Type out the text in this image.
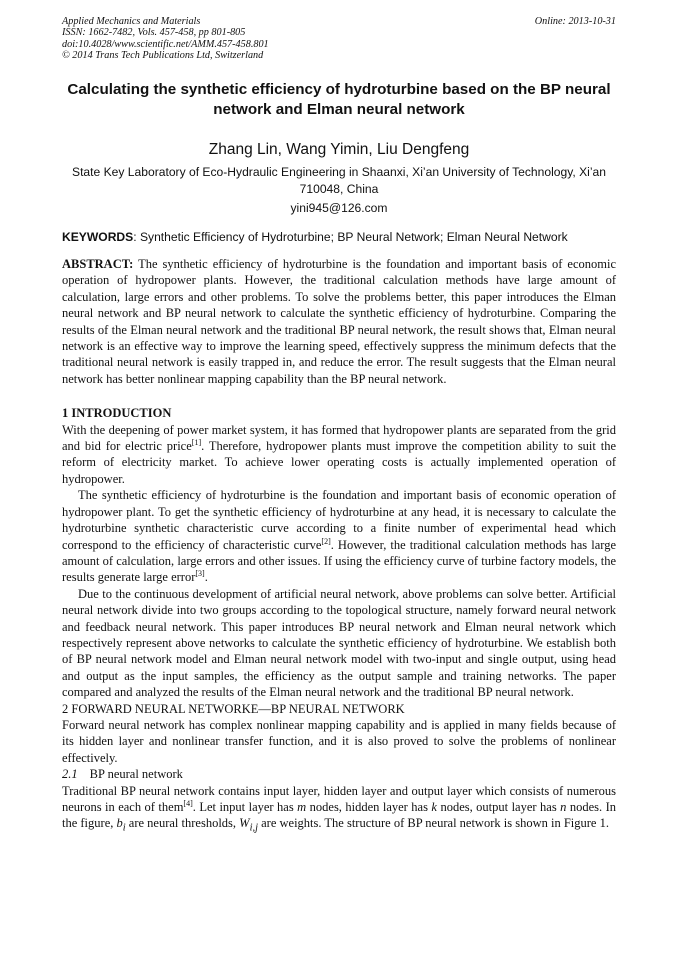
Applied Mechanics and Materials
ISSN: 1662-7482, Vols. 457-458, pp 801-805
doi:10.4028/www.scientific.net/AMM.457-458.801
© 2014 Trans Tech Publications Ltd, Switzerland
Online: 2013-10-31
Calculating the synthetic efficiency of hydroturbine based on the BP neural network and Elman neural network
Zhang Lin, Wang Yimin, Liu Dengfeng
State Key Laboratory of Eco-Hydraulic Engineering in Shaanxi, Xi’an University of Technology, Xi’an 710048, China
yini945@126.com
KEYWORDS: Synthetic Efficiency of Hydroturbine; BP Neural Network; Elman Neural Network

ABSTRACT: The synthetic efficiency of hydroturbine is the foundation and important basis of economic operation of hydropower plants. However, the traditional calculation methods have large amount of calculation, large errors and other problems. To solve the problems better, this paper introduces the Elman neural network and BP neural network to calculate the synthetic efficiency of hydroturbine. Comparing the results of the Elman neural network and the traditional BP neural network, the result shows that, Elman neural network is an effective way to improve the learning speed, effectively suppress the minimum defects that the traditional neural network is easily trapped in, and reduce the error. The result suggests that the Elman neural network has better nonlinear mapping capability than the BP neural network.

1 INTRODUCTION

With the deepening of power market system, it has formed that hydropower plants are separated from the grid and bid for electric price[1]. Therefore, hydropower plants must improve the competition ability to suit the reform of electricity market. To achieve lower operating costs is actually implemented operation of hydropower.

The synthetic efficiency of hydroturbine is the foundation and important basis of economic operation of hydropower plant. To get the synthetic efficiency of hydroturbine at any head, it is necessary to calculate the hydroturbine synthetic characteristic curve according to a finite number of experimental head which correspond to the efficiency of characteristic curve[2]. However, the traditional calculation methods has large amount of calculation, large errors and other issues. If using the efficiency curve of turbine factory models, the results generate large error[3].

Due to the continuous development of artificial neural network, above problems can solve better. Artificial neural network divide into two groups according to the topological structure, namely forward neural network and feedback neural network. This paper introduces BP neural network and Elman neural network which respectively represent above networks to calculate the synthetic efficiency of hydroturbine. We establish both of BP neural network model and Elman neural network model with two-input and single output, using head and output as the input samples, the efficiency as the output sample and training networks. The paper compared and analyzed the results of the Elman neural network and the traditional BP neural network.

2 FORWARD NEURAL NETWORKE—BP NEURAL NETWORK

Forward neural network has complex nonlinear mapping capability and is applied in many fields because of its hidden layer and nonlinear transfer function, and it is also proved to solve the problems of nonlinear effectively.

2.1 BP neural network

Traditional BP neural network contains input layer, hidden layer and output layer which consists of numerous neurons in each of them[4]. Let input layer has m nodes, hidden layer has k nodes, output layer has n nodes. In the figure, $b_i$ are neural thresholds, $W_{i,j}$ are weights. The structure of BP neural network is shown in Figure 1.
